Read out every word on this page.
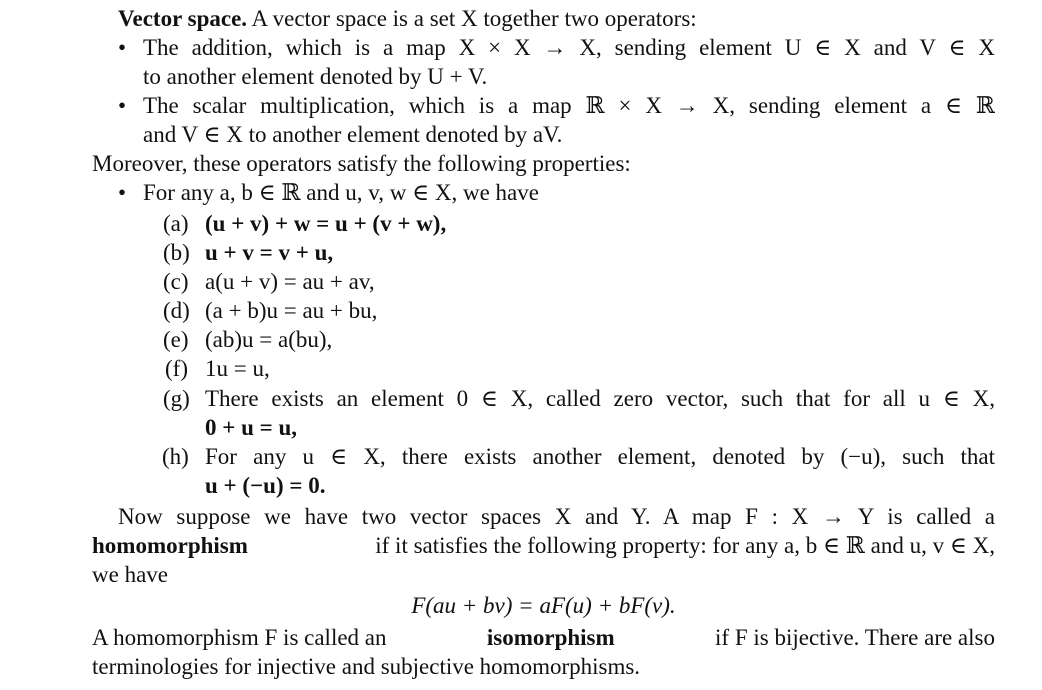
Vector space. A vector space is a set X together two operators:
• The addition, which is a map X × X → X, sending element U ∈ X and V ∈ X
to another element denoted by U + V.
• The scalar multiplication, which is a map ℝ × X → X, sending element a ∈ ℝ
and V ∈ X to another element denoted by aV.
Moreover, these operators satisfy the following properties:
• For any a, b ∈ ℝ and u, v, w ∈ X, we have
(a) (u + v) + w = u + (v + w),
(b) u + v = v + u,
(c) a(u + v) = au + av,
(d) (a + b)u = au + bu,
(e) (ab)u = a(bu),
(f) 1u = u,
(g) There exists an element 0 ∈ X, called zero vector, such that for all u ∈ X,
0 + u = u,
(h) For any u ∈ X, there exists another element, denoted by (−u), such that
u + (−u) = 0.
Now suppose we have two vector spaces X and Y. A map F : X → Y is called a
homomorphism	if it satisfies the following property: for any a, b ∈ ℝ and u, v ∈ X,
we have
F(au + bv) = aF(u) + bF(v).
A homomorphism F is called an	isomorphism	if F is bijective. There are also
terminologies for injective and subjective homomorphisms.
